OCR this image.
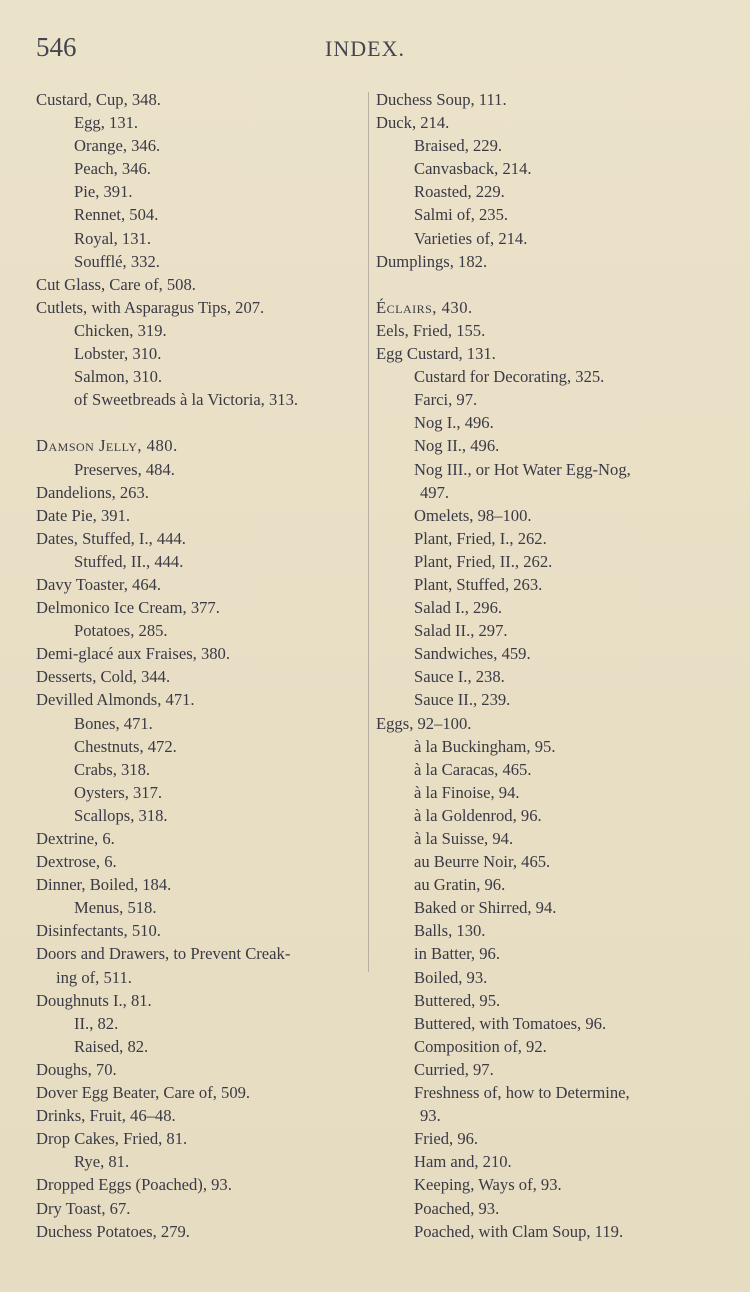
546	INDEX.
Custard, Cup, 348.
Egg, 131.
Orange, 346.
Peach, 346.
Pie, 391.
Rennet, 504.
Royal, 131.
Soufflé, 332.
Cut Glass, Care of, 508.
Cutlets, with Asparagus Tips, 207.
Chicken, 319.
Lobster, 310.
Salmon, 310.
of Sweetbreads à la Victoria, 313.
Damson Jelly, 480.
Preserves, 484.
Dandelions, 263.
Date Pie, 391.
Dates, Stuffed, I., 444.
Stuffed, II., 444.
Davy Toaster, 464.
Delmonico Ice Cream, 377.
Potatoes, 285.
Demi-glacé aux Fraises, 380.
Desserts, Cold, 344.
Devilled Almonds, 471.
Bones, 471.
Chestnuts, 472.
Crabs, 318.
Oysters, 317.
Scallops, 318.
Dextrine, 6.
Dextrose, 6.
Dinner, Boiled, 184.
Menus, 518.
Disinfectants, 510.
Doors and Drawers, to Prevent Creak-
ing of, 511.
Doughnuts I., 81.
II., 82.
Raised, 82.
Doughs, 70.
Dover Egg Beater, Care of, 509.
Drinks, Fruit, 46–48.
Drop Cakes, Fried, 81.
Rye, 81.
Dropped Eggs (Poached), 93.
Dry Toast, 67.
Duchess Potatoes, 279.
Duchess Soup, 111.
Duck, 214.
Braised, 229.
Canvasback, 214.
Roasted, 229.
Salmi of, 235.
Varieties of, 214.
Dumplings, 182.
Éclairs, 430.
Eels, Fried, 155.
Egg Custard, 131.
Custard for Decorating, 325.
Farci, 97.
Nog I., 496.
Nog II., 496.
Nog III., or Hot Water Egg-Nog,
497.
Omelets, 98–100.
Plant, Fried, I., 262.
Plant, Fried, II., 262.
Plant, Stuffed, 263.
Salad I., 296.
Salad II., 297.
Sandwiches, 459.
Sauce I., 238.
Sauce II., 239.
Eggs, 92–100.
à la Buckingham, 95.
à la Caracas, 465.
à la Finoise, 94.
à la Goldenrod, 96.
à la Suisse, 94.
au Beurre Noir, 465.
au Gratin, 96.
Baked or Shirred, 94.
Balls, 130.
in Batter, 96.
Boiled, 93.
Buttered, 95.
Buttered, with Tomatoes, 96.
Composition of, 92.
Curried, 97.
Freshness of, how to Determine,
93.
Fried, 96.
Ham and, 210.
Keeping, Ways of, 93.
Poached, 93.
Poached, with Clam Soup, 119.
